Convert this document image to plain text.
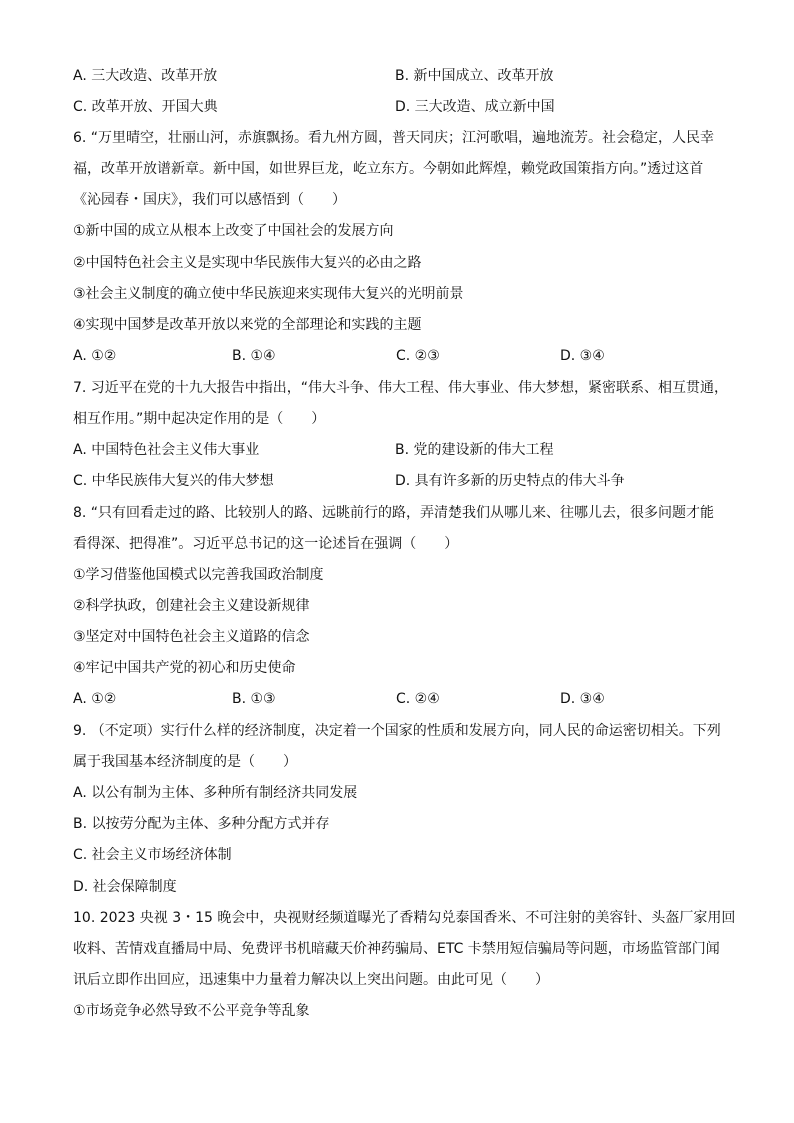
A. 三大改造、改革开放	B. 新中国成立、改革开放
C. 改革开放、开国大典	D. 三大改造、成立新中国
6. “万里晴空，壮丽山河，赤旗飘扬。看九州方圆，普天同庆；江河歌唱，遍地流芳。社会稳定，人民幸
福，改革开放谱新章。新中国，如世界巨龙，屹立东方。今朝如此辉煌，赖党政国策指方向。”透过这首
《沁园春・国庆》，我们可以感悟到（　　）
①新中国的成立从根本上改变了中国社会的发展方向
②中国特色社会主义是实现中华民族伟大复兴的必由之路
③社会主义制度的确立使中华民族迎来实现伟大复兴的光明前景
④实现中国梦是改革开放以来党的全部理论和实践的主题
A. ①②	B. ①④	C. ②③	D. ③④
7. 习近平在党的十九大报告中指出，“伟大斗争、伟大工程、伟大事业、伟大梦想，紧密联系、相互贯通，
相互作用。”期中起决定作用的是（　　）
A. 中国特色社会主义伟大事业	B. 党的建设新的伟大工程
C. 中华民族伟大复兴的伟大梦想	D. 具有许多新的历史特点的伟大斗争
8. “只有回看走过的路、比较别人的路、远眺前行的路，弄清楚我们从哪儿来、往哪儿去，很多问题才能
看得深、把得准”。习近平总书记的这一论述旨在强调（　　）
①学习借鉴他国模式以完善我国政治制度
②科学执政，创建社会主义建设新规律
③坚定对中国特色社会主义道路的信念
④牢记中国共产党的初心和历史使命
A. ①②	B. ①③	C. ②④	D. ③④
9. （不定项）实行什么样的经济制度，决定着一个国家的性质和发展方向，同人民的命运密切相关。下列
属于我国基本经济制度的是（　　）
A. 以公有制为主体、多种所有制经济共同发展
B. 以按劳分配为主体、多种分配方式并存
C. 社会主义市场经济体制
D. 社会保障制度
10. 2023 央视 3・15 晚会中，央视财经频道曝光了香精勾兑泰国香米、不可注射的美容针、头盔厂家用回
收料、苦情戏直播局中局、免费评书机暗藏天价神药骗局、ETC 卡禁用短信骗局等问题，市场监管部门闻
讯后立即作出回应，迅速集中力量着力解决以上突出问题。由此可见（　　）
①市场竞争必然导致不公平竞争等乱象
